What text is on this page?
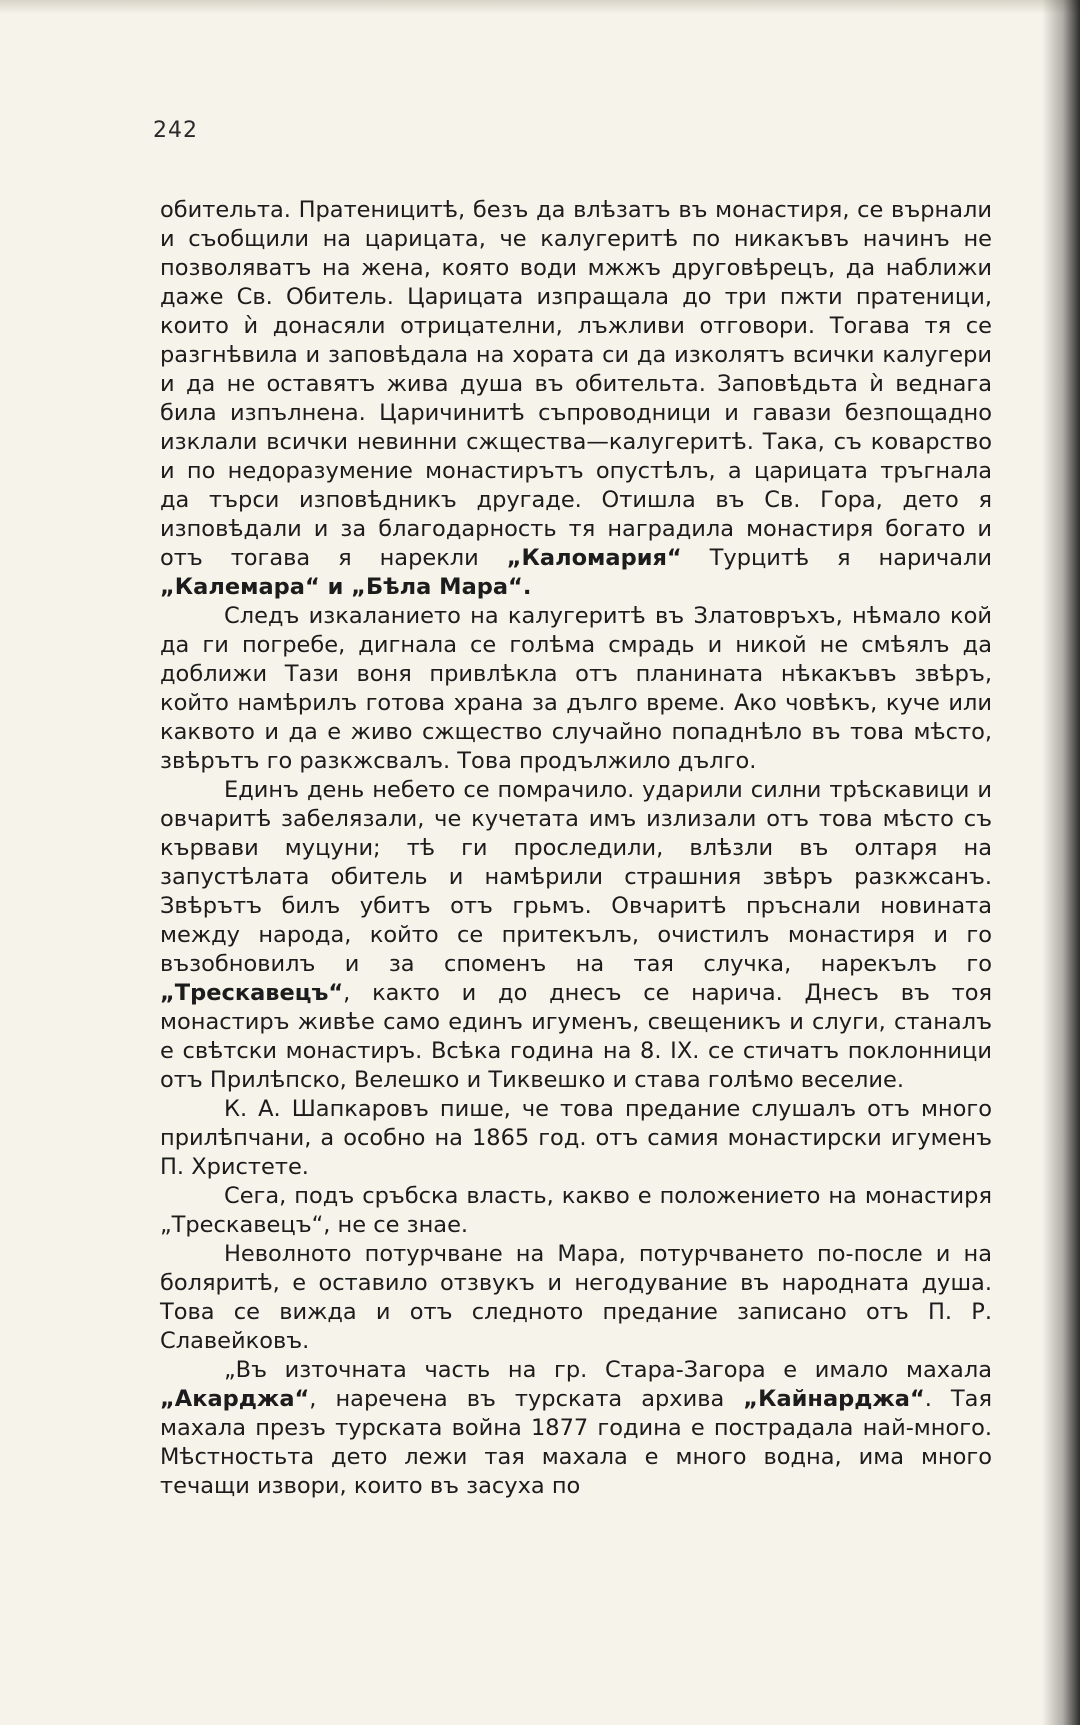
242

обительта. Пратеницитѣ, безъ да влѣзатъ въ монастиря, се върнали и съобщили на царицата, че калугеритѣ по никакъвъ начинъ не позволяватъ на жена, която води мжжъ друговѣрецъ, да наближи даже Св. Обитель. Царицата изпращала до три пжти пратеници, които ѝ донасяли отрицателни, лъжливи отговори. Тогава тя се разгнѣвила и заповѣдала на хората си да изколятъ всички калугери и да не оставятъ жива душа въ обительта. Заповѣдьта ѝ веднага била изпълнена. Царичинитѣ съпроводници и гавази безпощадно изклали всички невинни сжщества—калугеритѣ. Така, съ коварство и по недоразумение монастирътъ опустѣлъ, а царицата тръгнала да търси изповѣдникъ другаде. Отишла въ Св. Гора, дето я изповѣдали и за благодарность тя наградила монастиря богато и отъ тогава я нарекли „Каломария“ Турцитѣ я наричали „Калемара“ и „Бѣла Мара“.

Следъ изкаланието на калугеритѣ въ Златовръхъ, нѣмало кой да ги погребе, дигнала се голѣма смрадь и никой не смѣялъ да доближи Тази воня привлѣкла отъ планината нѣкакъвъ звѣръ, който намѣрилъ готова храна за дълго време. Ако човѣкъ, куче или каквото и да е живо сжщество случайно попаднѣло въ това мѣсто, звѣрътъ го разкжсвалъ. Това продължило дълго.

Единъ день небето се помрачило. ударили силни трѣскавици и овчаритѣ забелязали, че кучетата имъ излизали отъ това мѣсто съ кървави муцуни; тѣ ги проследили, влѣзли въ олтаря на запустѣлата обитель и намѣрили страшния звѣръ разкжсанъ. Звѣрътъ билъ убитъ отъ грьмъ. Овчаритѣ пръснали новината между народа, който се притекълъ, очистилъ монастиря и го възобновилъ и за споменъ на тая случка, нарекълъ го „Трескавецъ“, както и до днесъ се нарича. Днесъ въ тоя монастиръ живѣе само единъ игуменъ, свещеникъ и слуги, станалъ е свѣтски монастиръ. Всѣка година на 8. IX. се стичатъ поклонници отъ Прилѣпско, Велешко и Тиквешко и става голѣмо веселие.

К. А. Шапкаровъ пише, че това предание слушалъ отъ много прилѣпчани, а особно на 1865 год. отъ самия монастирски игуменъ П. Христете.

Сега, подъ сръбска власть, какво е положението на монастиря „Трескавецъ“, не се знае.

Неволното потурчване на Мара, потурчването по-после и на боляритѣ, е оставило отзвукъ и негодувание въ народната душа. Това се вижда и отъ следното предание записано отъ П. Р. Славейковъ.

„Въ източната часть на гр. Стара-Загора е имало махала „Акарджа“, наречена въ турската архива „Кайнарджа“. Тая махала презъ турската война 1877 година е пострадала най-много. Мѣстностьта дето лежи тая махала е много водна, има много течащи извори, които въ засуха по
